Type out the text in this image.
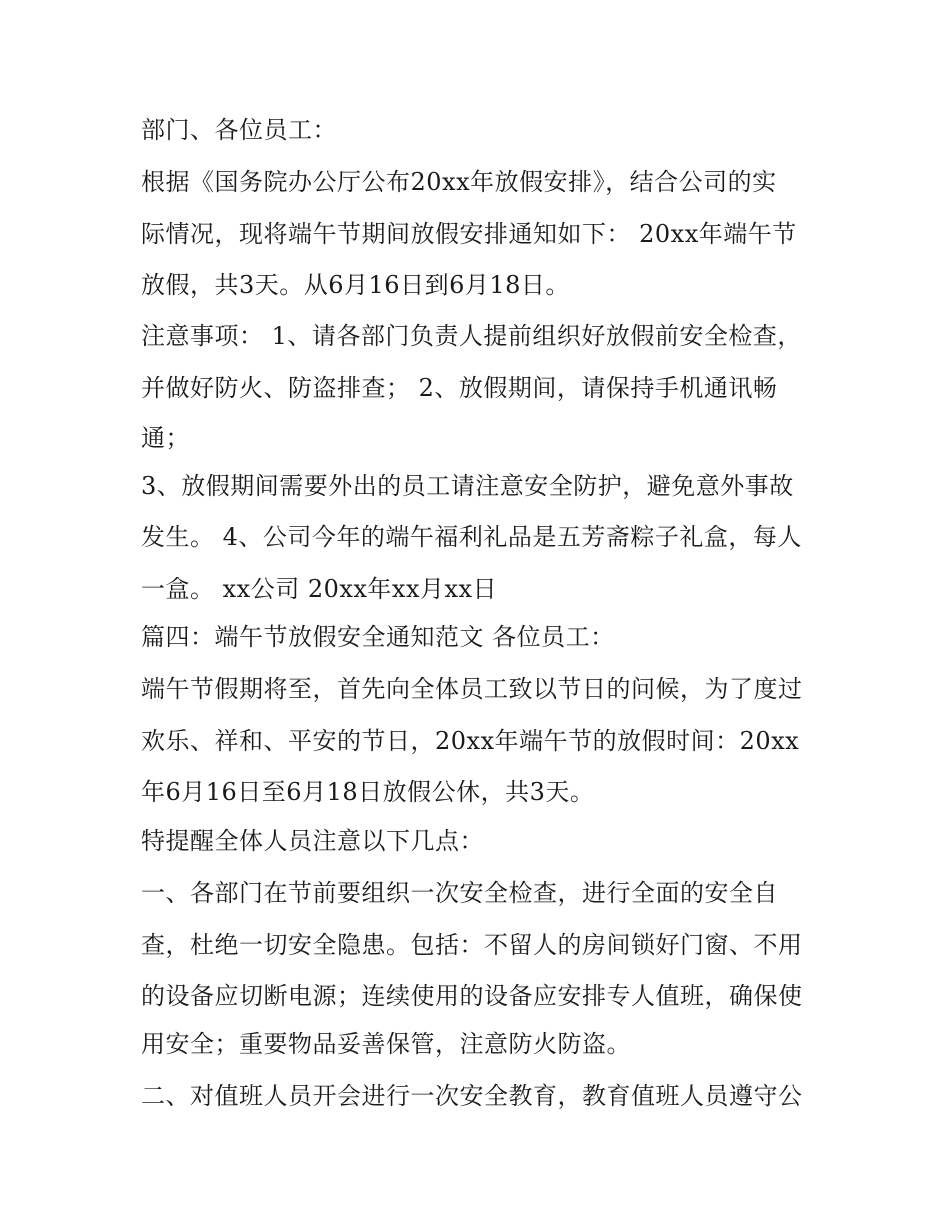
部门、各位员工：

根据《国务院办公厅公布20xx年放假安排》，结合公司的实

际情况，现将端午节期间放假安排通知如下： 20xx年端午节

放假，共3天。从6月16日到6月18日。

注意事项： 1、请各部门负责人提前组织好放假前安全检查，

并做好防火、防盗排查； 2、放假期间，请保持手机通讯畅

通；

3、放假期间需要外出的员工请注意安全防护，避免意外事故

发生。 4、公司今年的端午福利礼品是五芳斋粽子礼盒，每人

一盒。 xx公司 20xx年xx月xx日

篇四：端午节放假安全通知范文 各位员工：

端午节假期将至，首先向全体员工致以节日的问候，为了度过

欢乐、祥和、平安的节日，20xx年端午节的放假时间：20xx

年6月16日至6月18日放假公休，共3天。

特提醒全体人员注意以下几点：

一、各部门在节前要组织一次安全检查，进行全面的安全自

查，杜绝一切安全隐患。包括：不留人的房间锁好门窗、不用

的设备应切断电源；连续使用的设备应安排专人值班，确保使

用安全；重要物品妥善保管，注意防火防盗。

二、对值班人员开会进行一次安全教育，教育值班人员遵守公
